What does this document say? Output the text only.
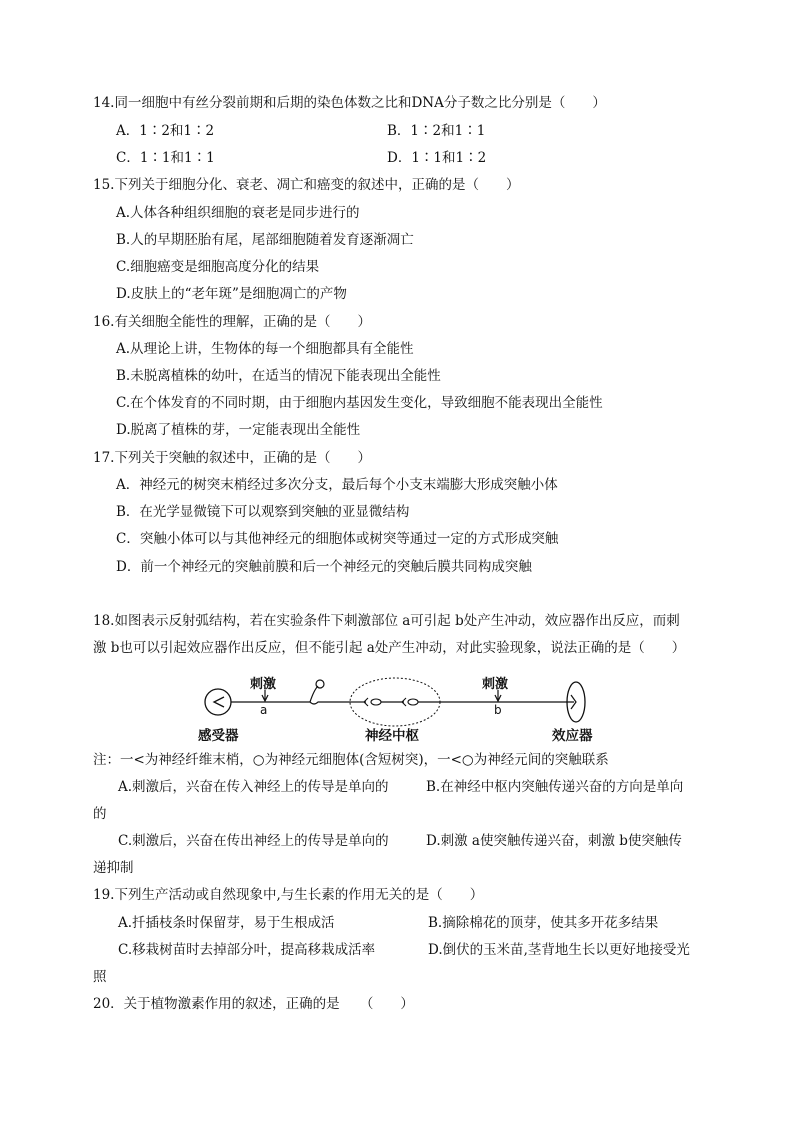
14.同一细胞中有丝分裂前期和后期的染色体数之比和DNA分子数之比分别是（　　）
A．1∶2和1∶2	B．1∶2和1∶1
C．1∶1和1∶1	D．1∶1和1∶2
15.下列关于细胞分化、衰老、凋亡和癌变的叙述中，正确的是（　　）
A.人体各种组织细胞的衰老是同步进行的
B.人的早期胚胎有尾，尾部细胞随着发育逐渐凋亡
C.细胞癌变是细胞高度分化的结果
D.皮肤上的“老年斑”是细胞凋亡的产物
16.有关细胞全能性的理解，正确的是（　　）
A.从理论上讲，生物体的每一个细胞都具有全能性
B.未脱离植株的幼叶，在适当的情况下能表现出全能性
C.在个体发育的不同时期，由于细胞内基因发生变化，导致细胞不能表现出全能性
D.脱离了植株的芽，一定能表现出全能性
17.下列关于突触的叙述中，正确的是（　　）
A．神经元的树突末梢经过多次分支，最后每个小支末端膨大形成突触小体
B．在光学显微镜下可以观察到突触的亚显微结构
C．突触小体可以与其他神经元的细胞体或树突等通过一定的方式形成突触
D．前一个神经元的突触前膜和后一个神经元的突触后膜共同构成突触
18.如图表示反射弧结构，若在实验条件下刺激部位 a可引起 b处产生冲动，效应器作出反应，而刺
激 b也可以引起效应器作出反应，但不能引起 a处产生冲动，对此实验现象，说法正确的是（　　）
刺激
a
刺激
b
感受器	神经中枢	效应器
注：一<为神经纤维末梢，○为神经元细胞体(含短树突)，一<○为神经元间的突触联系
A.刺激后，兴奋在传入神经上的传导是单向的	B.在神经中枢内突触传递兴奋的方向是单向
的
C.刺激后，兴奋在传出神经上的传导是单向的	D.刺激 a使突触传递兴奋，刺激 b使突触传
递抑制
19.下列生产活动或自然现象中,与生长素的作用无关的是（　　）
A.扦插枝条时保留芽，易于生根成活	B.摘除棉花的顶芽，使其多开花多结果
C.移栽树苗时去掉部分叶，提高移栽成活率	D.倒伏的玉米苗,茎背地生长以更好地接受光
照
20．关于植物激素作用的叙述，正确的是　　（　　）
